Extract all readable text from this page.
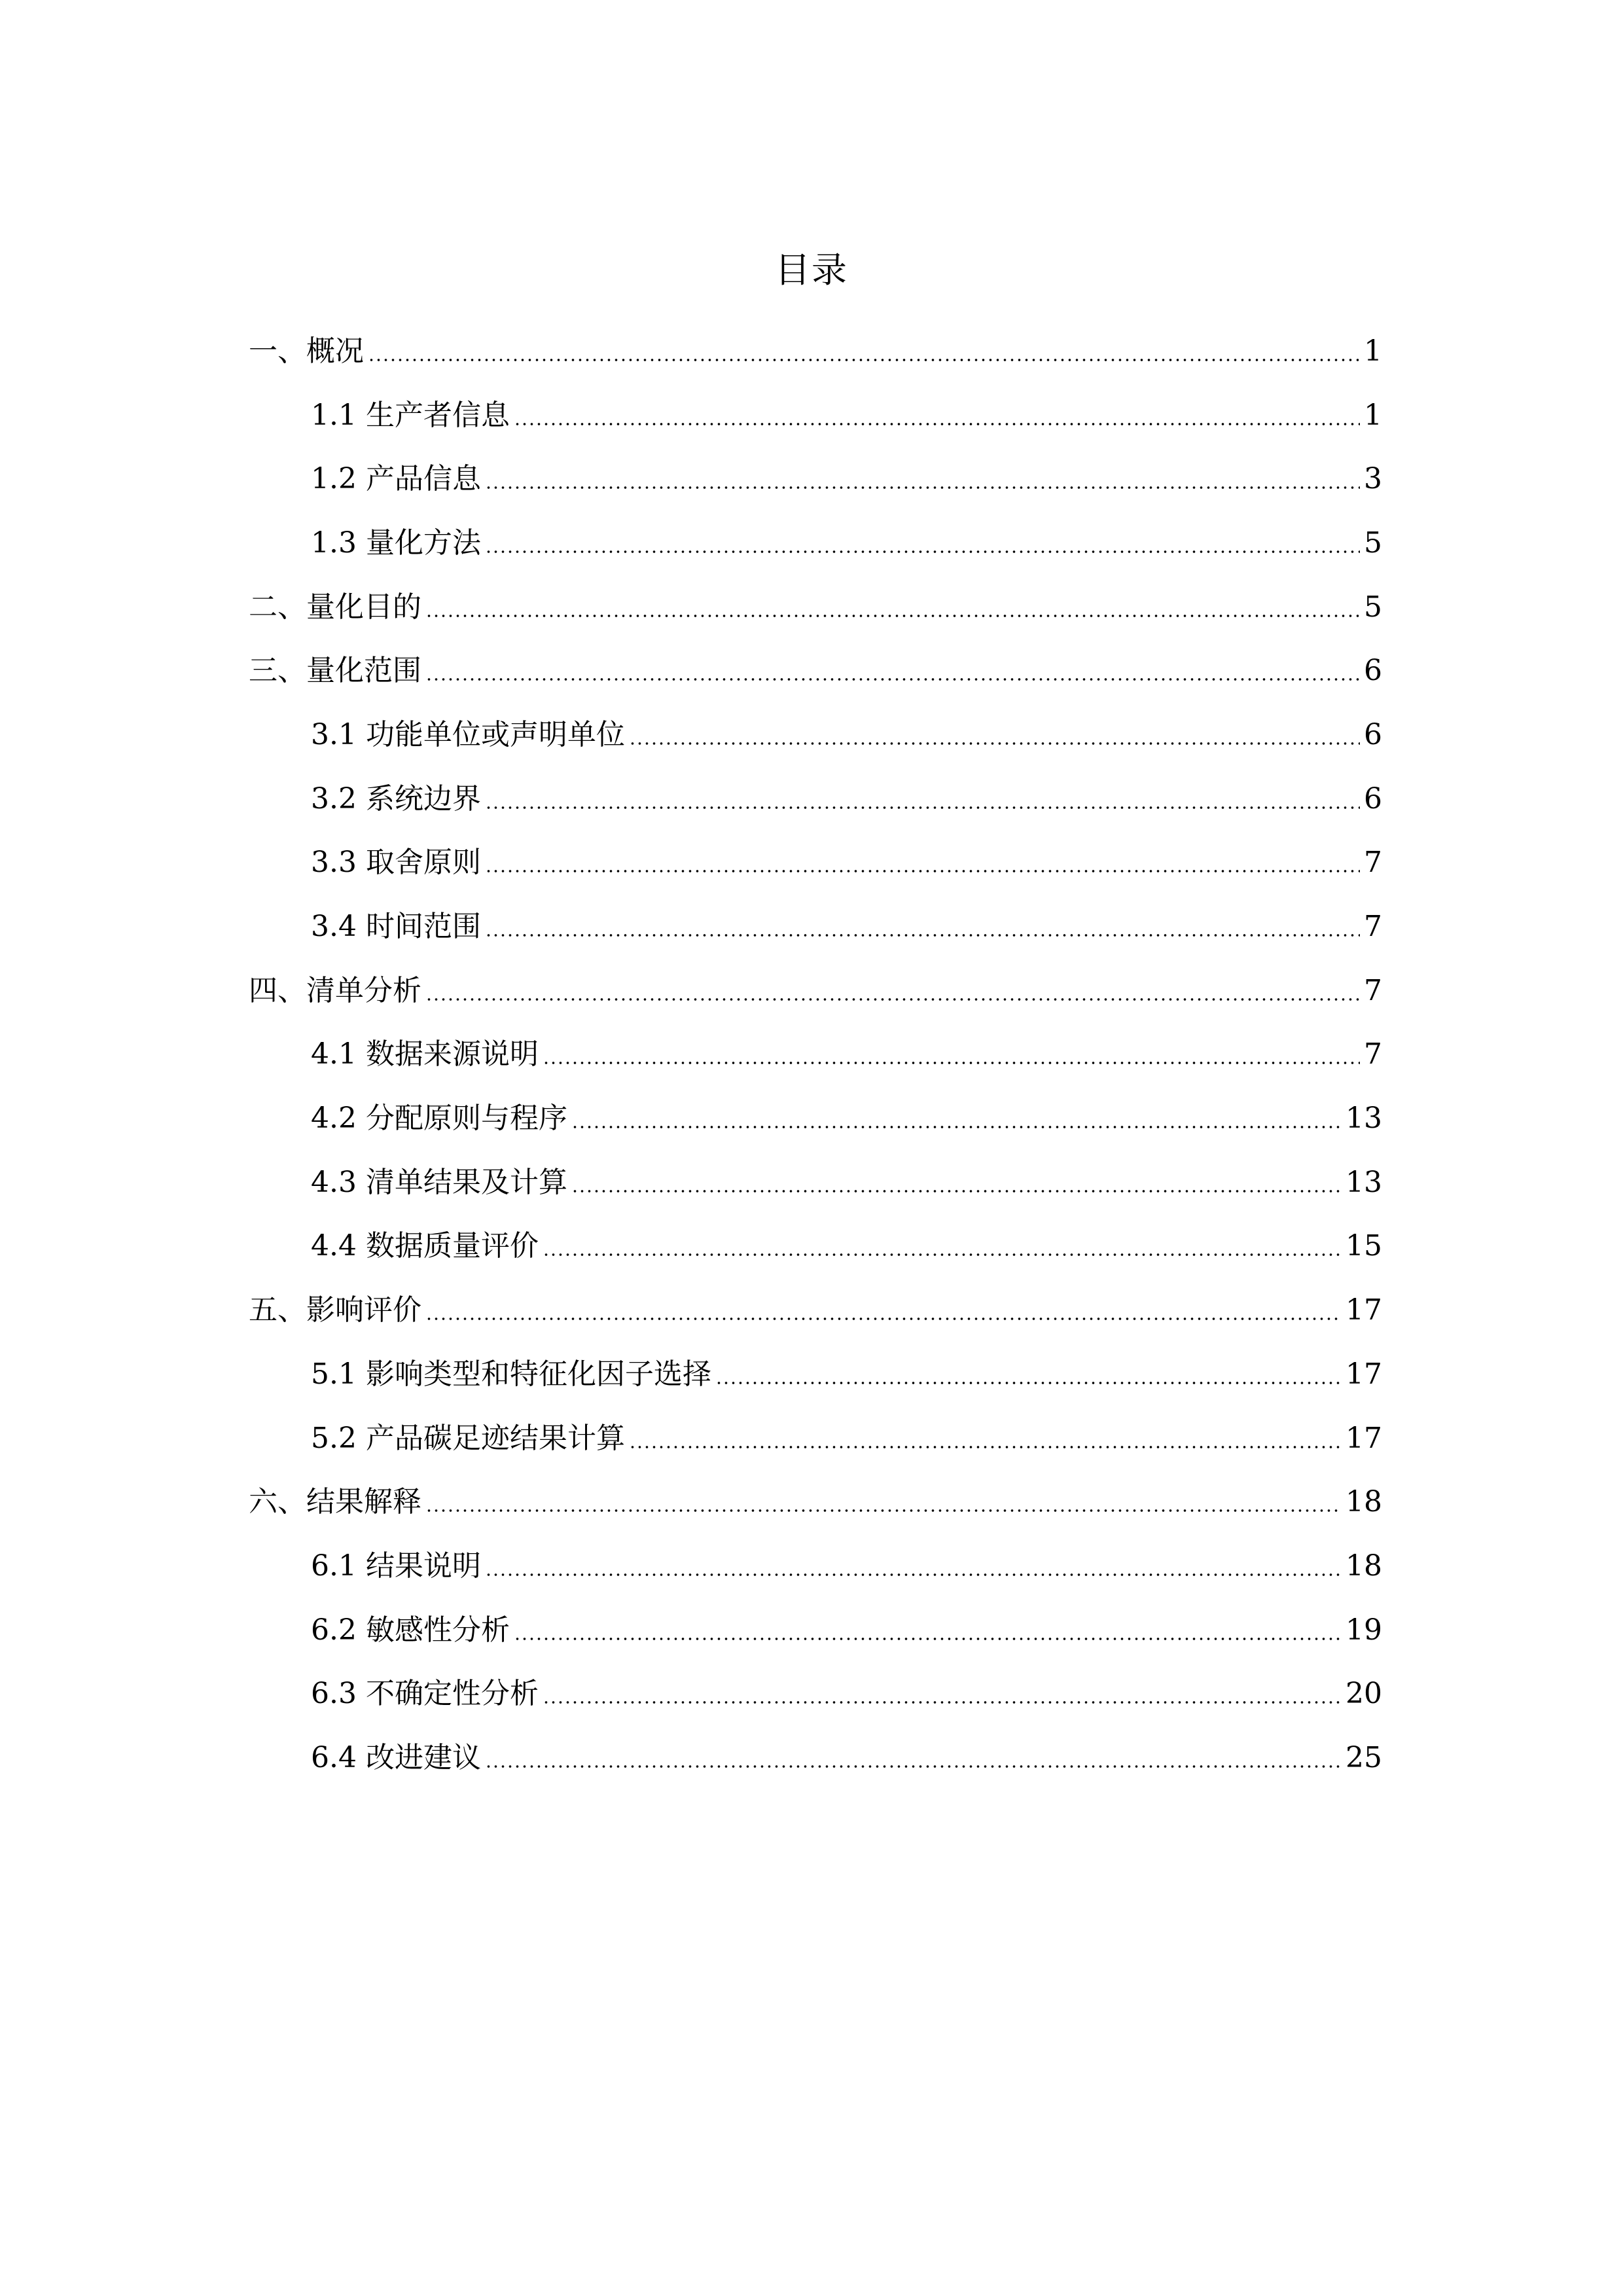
目录
一、概况	1
1.1 生产者信息	1
1.2 产品信息	3
1.3 量化方法	5
二、量化目的	5
三、量化范围	6
3.1 功能单位或声明单位	6
3.2 系统边界	6
3.3 取舍原则	7
3.4 时间范围	7
四、清单分析	7
4.1 数据来源说明	7
4.2 分配原则与程序	13
4.3 清单结果及计算	13
4.4 数据质量评价	15
五、影响评价	17
5.1 影响类型和特征化因子选择	17
5.2 产品碳足迹结果计算	17
六、结果解释	18
6.1 结果说明	18
6.2 敏感性分析	19
6.3 不确定性分析	20
6.4 改进建议	25
